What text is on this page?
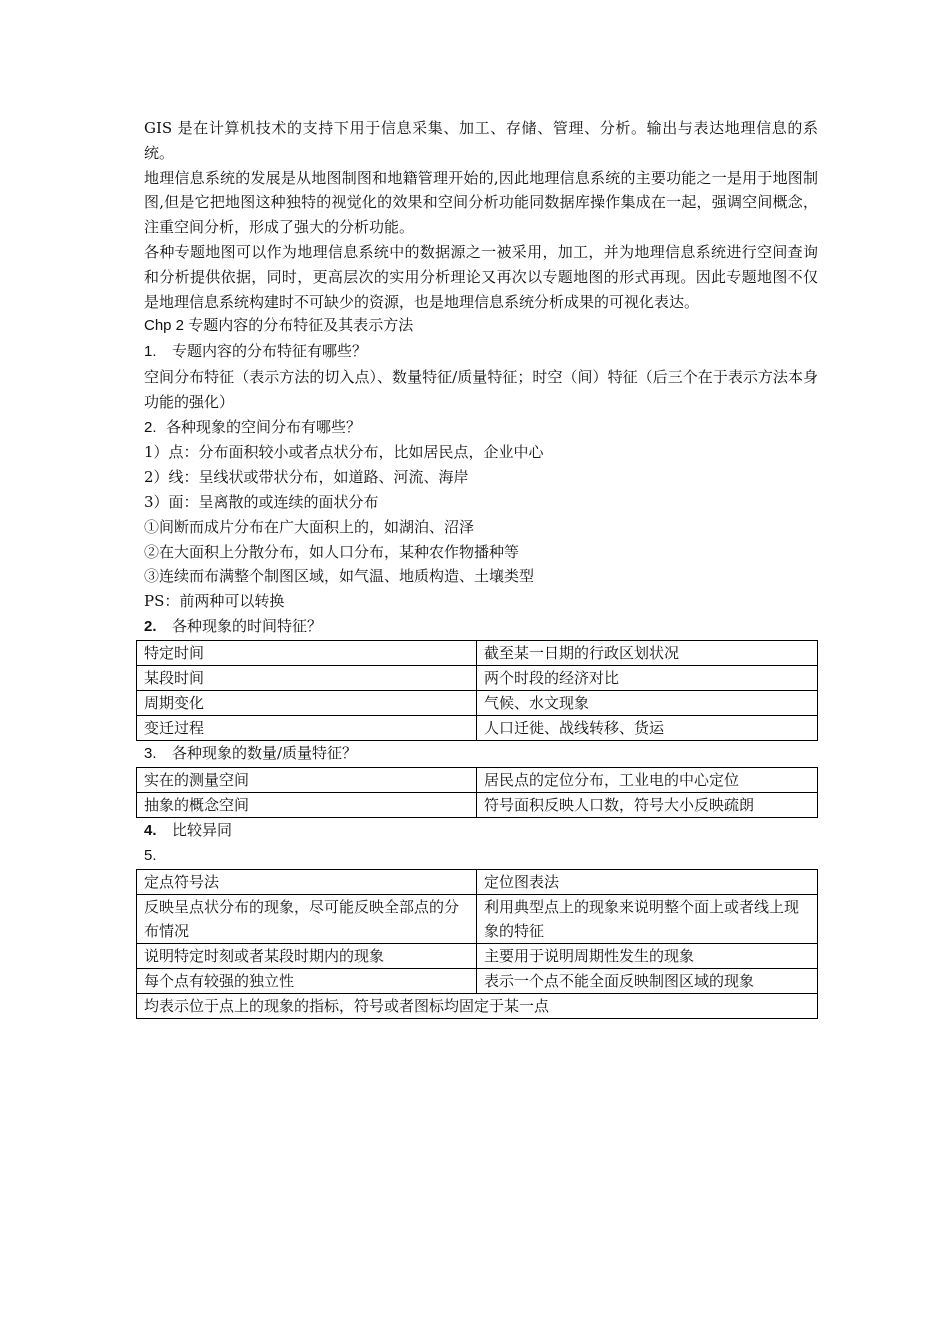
GIS 是在计算机技术的支持下用于信息采集、加工、存储、管理、分析。输出与表达地理信息的系统。

地理信息系统的发展是从地图制图和地籍管理开始的,因此地理信息系统的主要功能之一是用于地图制图,但是它把地图这种独特的视觉化的效果和空间分析功能同数据库操作集成在一起，强调空间概念，注重空间分析，形成了强大的分析功能。

各种专题地图可以作为地理信息系统中的数据源之一被采用，加工，并为地理信息系统进行空间查询和分析提供依据，同时，更高层次的实用分析理论又再次以专题地图的形式再现。因此专题地图不仅是地理信息系统构建时不可缺少的资源，也是地理信息系统分析成果的可视化表达。

Chp 2 专题内容的分布特征及其表示方法

1. 专题内容的分布特征有哪些？

空间分布特征（表示方法的切入点）、数量特征/质量特征；时空（间）特征（后三个在于表示方法本身功能的强化）

2. 各种现象的空间分布有哪些？

1）点：分布面积较小或者点状分布，比如居民点，企业中心

2）线：呈线状或带状分布，如道路、河流、海岸

3）面：呈离散的或连续的面状分布

①间断而成片分布在广大面积上的，如湖泊、沼泽

②在大面积上分散分布，如人口分布，某种农作物播种等

③连续而布满整个制图区域，如气温、地质构造、土壤类型

PS：前两种可以转换

2. 各种现象的时间特征？

特定时间	截至某一日期的行政区划状况
某段时间	两个时段的经济对比
周期变化	气候、水文现象
变迁过程	人口迁徙、战线转移、货运

3. 各种现象的数量/质量特征？

实在的测量空间	居民点的定位分布，工业电的中心定位
抽象的概念空间	符号面积反映人口数，符号大小反映疏朗

4. 比较异同

5.

定点符号法	定位图表法
反映呈点状分布的现象，尽可能反映全部点的分布情况	利用典型点上的现象来说明整个面上或者线上现象的特征
说明特定时刻或者某段时期内的现象	主要用于说明周期性发生的现象
每个点有较强的独立性	表示一个点不能全面反映制图区域的现象
均表示位于点上的现象的指标，符号或者图标均固定于某一点	
